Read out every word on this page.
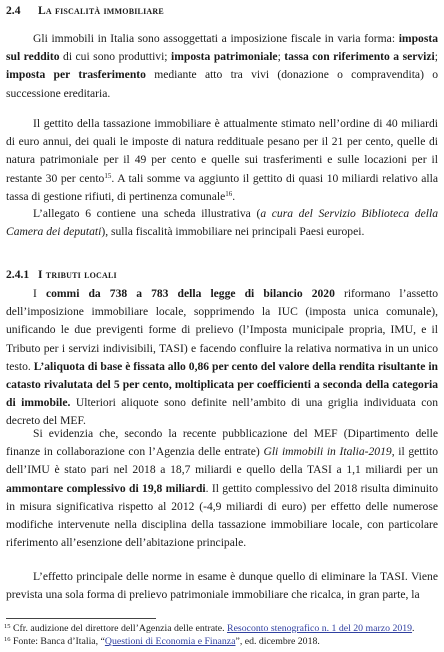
2.4 La fiscalità immobiliare

Gli immobili in Italia sono assoggettati a imposizione fiscale in varia forma: imposta sul reddito di cui sono produttivi; imposta patrimoniale; tassa con riferimento a servizi; imposta per trasferimento mediante atto tra vivi (donazione o compravendita) o successione ereditaria.

Il gettito della tassazione immobiliare è attualmente stimato nell’ordine di 40 miliardi di euro annui, dei quali le imposte di natura reddituale pesano per il 21 per cento, quelle di natura patrimoniale per il 49 per cento e quelle sui trasferimenti e sulle locazioni per il restante 30 per cento$^{15}$. A tali somme va aggiunto il gettito di quasi 10 miliardi relativo alla tassa di gestione rifiuti, di pertinenza comunale$^{16}$.

L’allegato 6 contiene una scheda illustrativa (a cura del Servizio Biblioteca della Camera dei deputati), sulla fiscalità immobiliare nei principali Paesi europei.

2.4.1 I tributi locali

I commi da 738 a 783 della legge di bilancio 2020 riformano l’assetto dell’imposizione immobiliare locale, sopprimendo la IUC (imposta unica comunale), unificando le due previgenti forme di prelievo (l’Imposta municipale propria, IMU, e il Tributo per i servizi indivisibili, TASI) e facendo confluire la relativa normativa in un unico testo. L’aliquota di base è fissata allo 0,86 per cento del valore della rendita risultante in catasto rivalutata del 5 per cento, moltiplicata per coefficienti a seconda della categoria di immobile. Ulteriori aliquote sono definite nell’ambito di una griglia individuata con decreto del MEF.

Si evidenzia che, secondo la recente pubblicazione del MEF (Dipartimento delle finanze in collaborazione con l’Agenzia delle entrate) Gli immobili in Italia-2019, il gettito dell’IMU è stato pari nel 2018 a 18,7 miliardi e quello della TASI a 1,1 miliardi per un ammontare complessivo di 19,8 miliardi. Il gettito complessivo del 2018 risulta diminuito in misura significativa rispetto al 2012 (-4,9 miliardi di euro) per effetto delle numerose modifiche intervenute nella disciplina della tassazione immobiliare locale, con particolare riferimento all’esenzione dell’abitazione principale.

L’effetto principale delle norme in esame è dunque quello di eliminare la TASI. Viene prevista una sola forma di prelievo patrimoniale immobiliare che ricalca, in gran parte, la

$^{15}$ Cfr. audizione del direttore dell’Agenzia delle entrate. Resoconto stenografico n. 1 del 20 marzo 2019.
$^{16}$ Fonte: Banca d’Italia, “Questioni di Economia e Finanza”, ed. dicembre 2018.
